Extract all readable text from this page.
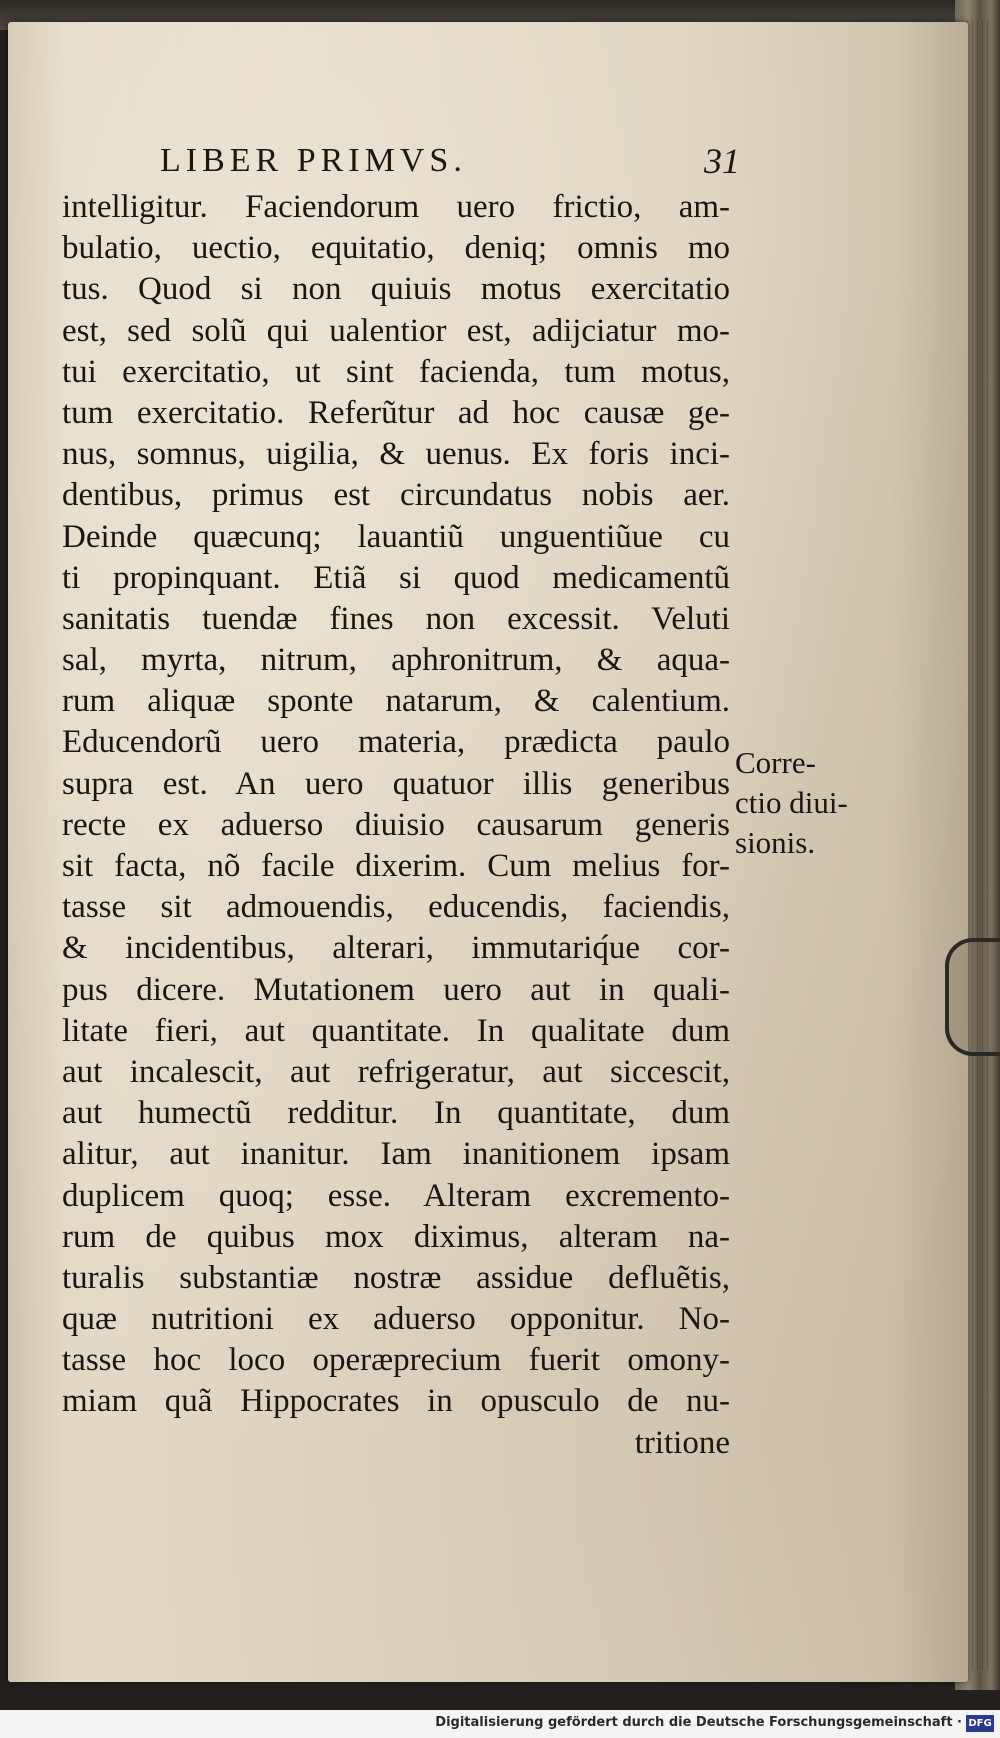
LIBER PRIMVS.	31
intelligitur. Faciendorum uero frictio, am-
bulatio, uectio, equitatio, deniq; omnis mo
tus. Quod si non quiuis motus exercitatio
est, sed solũ qui ualentior est, adijciatur mo-
tui exercitatio, ut sint facienda, tum motus,
tum exercitatio. Referũtur ad hoc causæ ge-
nus, somnus, uigilia, & uenus. Ex foris inci-
dentibus, primus est circundatus nobis aer.
Deinde quæcunq; lauantiũ unguentiũue cu
ti propinquant. Etiã si quod medicamentũ
sanitatis tuendæ fines non excessit. Veluti
sal, myrta, nitrum, aphronitrum, & aqua-
rum aliquæ sponte natarum, & calentium.
Educendorũ uero materia, prædicta paulo
supra est. An uero quatuor illis generibus
recte ex aduerso diuisio causarum generis
sit facta, nõ facile dixerim. Cum melius for-
tasse sit admouendis, educendis, faciendis,
& incidentibus, alterari, immutariq́ue cor-
pus dicere. Mutationem uero aut in quali-
litate fieri, aut quantitate. In qualitate dum
aut incalescit, aut refrigeratur, aut siccescit,
aut humectũ redditur. In quantitate, dum
alitur, aut inanitur. Iam inanitionem ipsam
duplicem quoq; esse. Alteram excremento-
rum de quibus mox diximus, alteram na-
turalis substantiæ nostræ assidue defluẽtis,
quæ nutritioni ex aduerso opponitur. No-
tasse hoc loco operæprecium fuerit omony-
miam quã Hippocrates in opusculo de nu-
tritione
Corre-
ctio diui-
sionis.
Digitalisierung gefördert durch die Deutsche Forschungsgemeinschaft · DFG
